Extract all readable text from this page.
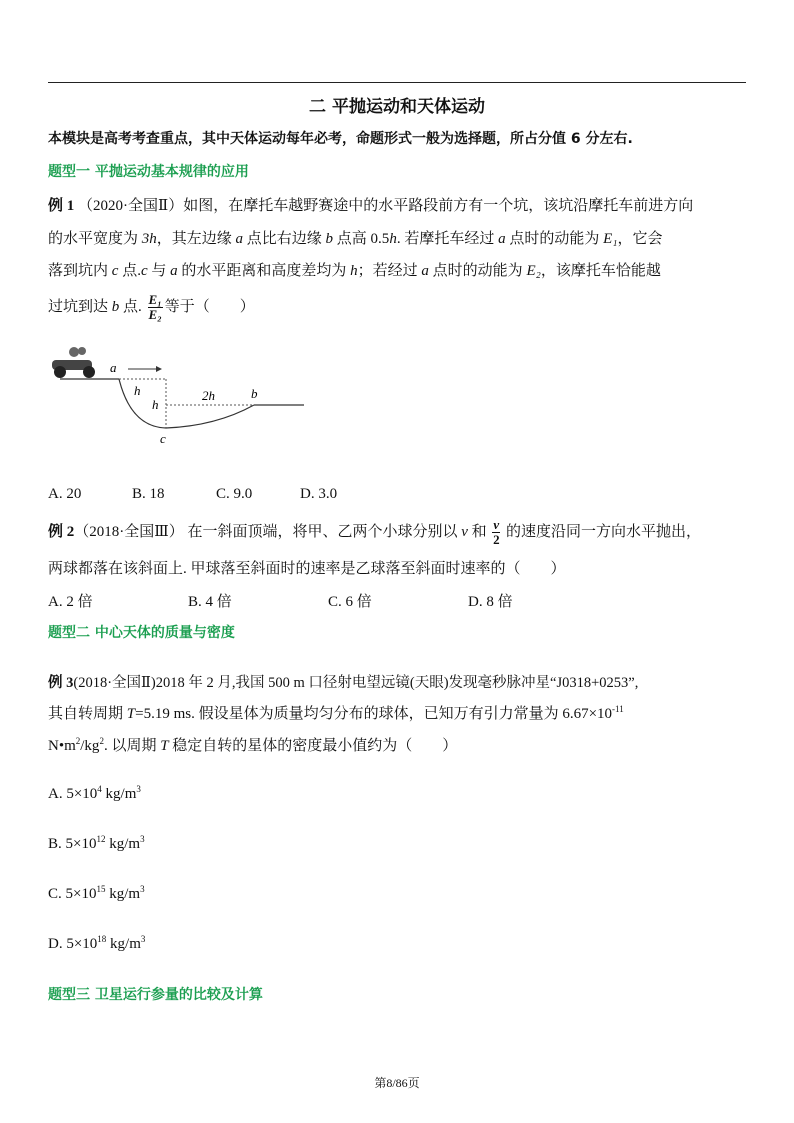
二 平抛运动和天体运动
本模块是高考考查重点，其中天体运动每年必考，命题形式一般为选择题，所占分值 6 分左右.
题型一 平抛运动基本规律的应用
例 1 （2020·全国Ⅱ）如图，在摩托车越野赛途中的水平路段前方有一个坑，该坑沿摩托车前进方向
的水平宽度为 3h，其左边缘 a 点比右边缘 b 点高 0.5h. 若摩托车经过 a 点时的动能为 E₁，它会
落到坑内 c 点.c 与 a 的水平距离和高度差均为 h；若经过 a 点时的动能为 E₂，该摩托车恰能越
过坑到达 b 点. $\frac{\text{E₁}}{\text{E₂}}$ 等于（　　）
a
h
h
2h	b
c
A. 20	B. 18	C. 9.0	D. 3.0
例 2（2018·全国Ⅲ） 在一斜面顶端，将甲、乙两个小球分别以 v 和 $\frac{v}{2}$ 的速度沿同一方向水平抛出，
两球都落在该斜面上. 甲球落至斜面时的速率是乙球落至斜面时速率的（　　）
A. 2 倍	B. 4 倍	C. 6 倍	D. 8 倍
题型二 中心天体的质量与密度
例 3(2018·全国Ⅱ)2018 年 2 月,我国 500 m 口径射电望远镜(天眼)发现毫秒脉冲星“J0318+0253”,
其自转周期 T=5.19 ms. 假设星体为质量均匀分布的球体，已知万有引力常量为 $6.67\times 10^{-11}$
$N•m^2/kg^2$. 以周期 T 稳定自转的星体的密度最小值约为（　　）
A. $5\times 10^4$ $kg/m^3$
B. $5\times 10^{12}$ $kg/m^3$
C. $5\times 10^{15}$ $kg/m^3$
D. $5\times 10^{18}$ $kg/m^3$
题型三 卫星运行参量的比较及计算
第8/86页
